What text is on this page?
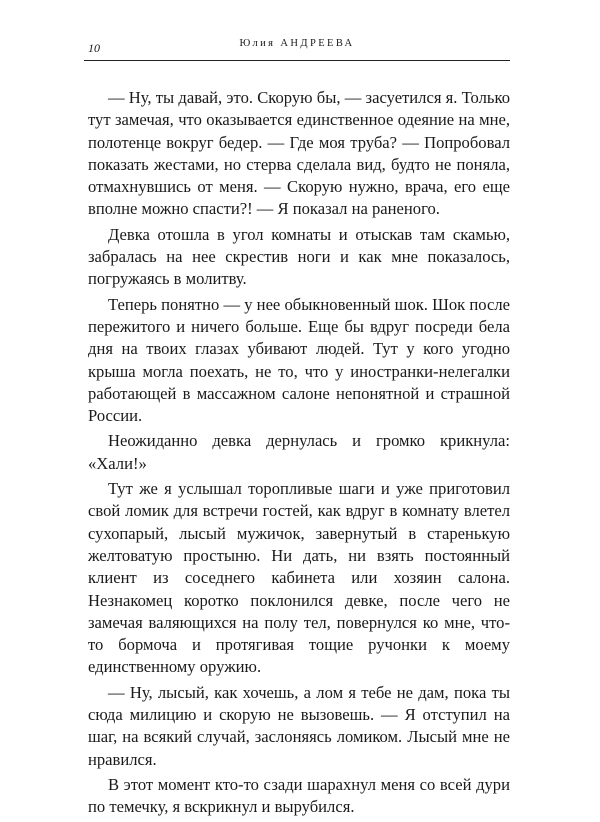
10	Юлия АНДРЕЕВА

— Ну, ты давай, это. Скорую бы, — засуетился я. Только тут замечая, что оказывается единственное одеяние на мне, полотенце вокруг бедер. — Где моя труба? — Попробовал показать жестами, но стерва сделала вид, будто не поняла, отмахнувшись от меня. — Скорую нужно, врача, его еще вполне можно спасти?! — Я показал на раненого.

Девка отошла в угол комнаты и отыскав там скамью, забралась на нее скрестив ноги и как мне показалось, погружаясь в молитву.

Теперь понятно — у нее обыкновенный шок. Шок после пережитого и ничего больше. Еще бы вдруг посреди бела дня на твоих глазах убивают людей. Тут у кого угодно крыша могла поехать, не то, что у иностранки-нелегалки работающей в массажном салоне непонятной и страшной России.

Неожиданно девка дернулась и громко крикнула: «Хали!»

Тут же я услышал торопливые шаги и уже приготовил свой ломик для встречи гостей, как вдруг в комнату влетел сухопарый, лысый мужичок, завернутый в старенькую желтоватую простыню. Ни дать, ни взять постоянный клиент из соседнего кабинета или хозяин салона. Незнакомец коротко поклонился девке, после чего не замечая валяющихся на полу тел, повернулся ко мне, что-то бормоча и протягивая тощие ручонки к моему единственному оружию.

— Ну, лысый, как хочешь, а лом я тебе не дам, пока ты сюда милицию и скорую не вызовешь. — Я отступил на шаг, на всякий случай, заслоняясь ломиком. Лысый мне не нравился.

В этот момент кто-то сзади шарахнул меня со всей дури по темечку, я вскрикнул и вырубился.
